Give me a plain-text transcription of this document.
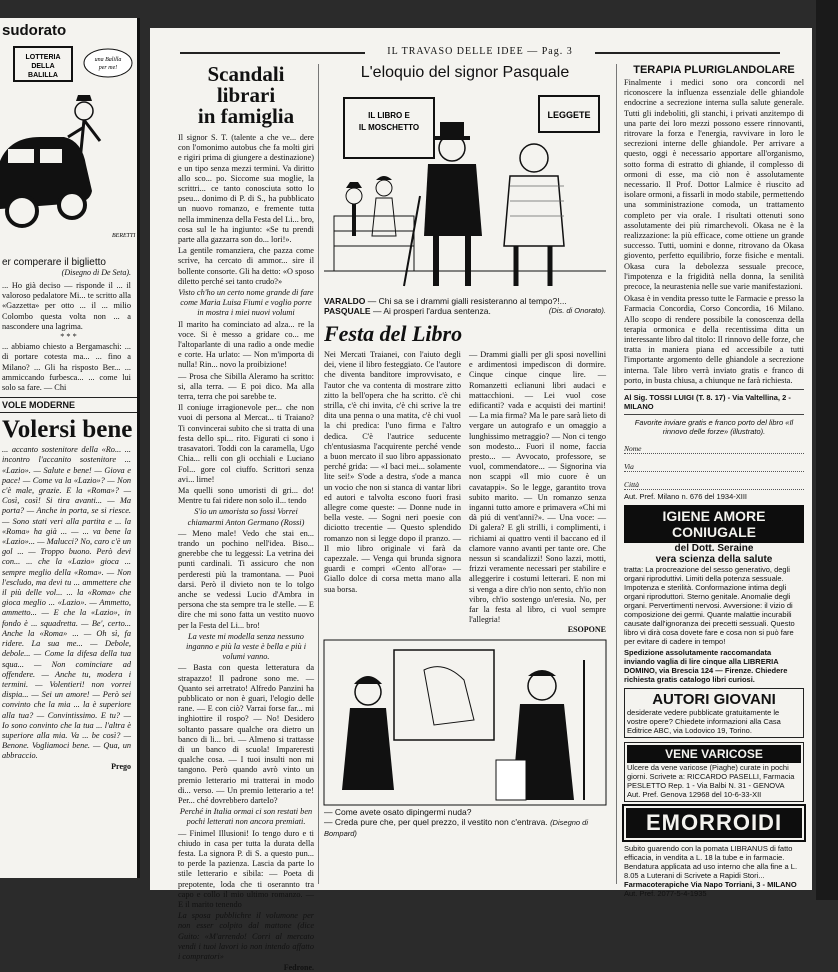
sudorato
LOTTERIA
DELLA
BALILLA
una Balilla
per me!
BERETTI
er comperare il biglietto
(Disegno di De Seta).
... Ho già deciso — risponde il ... il valoroso pedalatore Mi... te scritto alla «Gazzetta» per otto ... il ... milio Colombo questa volta non ... a nascondere una lagrima.
* * *
... abbiamo chiesto a Bergamaschi: ... di portare cotesta ma... ... fino a Milano? ... Gli ha risposto Ber... ... ammiccando furbesca... ... come lui solo sa fare. — Chi
VOLE MODERNE
Volersi bene
... accanto sostenitore della «Ro... ... incontro l'accanito sostenitore ... «Lazio». — Salute e bene! — Giova e pace! — Come va la «Lazio»? — Non c'è male, grazie. E la «Roma»? — Così, così! Si tira avanti... — Ma porta? — Anche in porta, se si riesce. — Sono stati veri alla partita e ... la «Roma» ha già ... — ... va bene la «Lazio»... — Malucci? No, caro c'è un gol ... — Troppo buono. Però devi con... ... che la «Lazio» gioca ... sempre meglio della «Roma». — Non l'escludo, ma devi tu ... ammettere che il più delle vol... ... la «Roma» che gioca meglio ... «Lazio». — Ammetto, ammetto... — E che la «Lazio», in fondo è ... squadretta. — Be', certo... Anche la «Roma» ... — Oh sì, fa ridere. La sua me... — Debole, debole... — Come la difesa della tua squa... — Non cominciare ad offendere. — Anche tu, modera i termini. — Volentieri! non vorrei dispia... — Sei un amore! — Però sei convinto che la mia ... la è superiore alla tua? — Convintissimo. E tu? — Io sono convinto che la tua ... l'altra è superiore alla mia. Va ... be così? — Benone. Vogliamoci bene. — Qua, un abbraccio.
Prego
IL TRAVASO DELLE IDEE — Pag. 3
Scandali librari
in famiglia

Il signor S. T. (talente a che ve... dere con l'omonimo autobus che fa molti giri e rigiri prima di giungere a destinazione) e un tipo senza mezzi termini. Va diritto allo sco... po. Siccome sua moglie, la scrittri... ce tanto conosciuta sotto lo pseu... donimo di P. di S., ha pubblicato un nuovo romanzo, e fremente tutta nella imminenza della Festa del Li... bro, cosa sul le ha ingiunto: «Se tu prendi parte alla gazzarra son do... lori!».

La gentile romanziera, che pazza come scrive, ha cercato di ammor... sire il bollente consorte. Gli ha detto: «O sposo diletto perché sei tanto crudo?»

Visto ch'ho un certo nome grande di fare come Maria Luisa Fiumi e voglio porre in mostra i miei nuovi volumi

Il marito ha cominciato ad alza... re la voce. Si è messo a gridare co... me l'altoparlante di una radio a onde medie e corte. Ha urlato: — Non m'importa di nulla! Rin... novo la proibizione!

— Prosa che Sibilla Aleramo ha scritto: si, alla terra. — E poi dico. Ma alla terra, terra che poi sarebbe te.

Il coniuge irragionevole per... che non vuoi di persona al Mercat... ti Traiano? Ti convincerai subito che si tratta di una festa dello spi... rito. Figurati ci sono i trasavatori. Toddi con la caramella, Ugo Chia... relli con gli occhiali e Luciano Fol... gore col ciuffo. Scrittori senza avi... lirne!

Ma quelli sono umoristi di gri... do! Mentre tu fai ridere non solo il... tendo

S'io un umorista so fossi Vorrei chiamarmi Anton Germano (Rossi)

— Meno male! Vedo che stai en... trando un pochino nell'idea. Biso... gnerebbe che tu leggessi: La vetrina dei punti cardinali. Ti assicuro che non perderesti più la tramontana. — Puoi darsi. Però il divieto non te lo tolgo anche se vedessi Lucio d'Ambra in persona che sta sempre tra le stelle. — E dire che mi sono fatta un vestito nuovo per la Festa del Li... bro!

La veste mi modella senza nessuno inganno e più la veste è bella e più i volumi vanno.

— Basta con questa letteratura da strapazzo! Il padrone sono me. — Quanto sei arretrato! Alfredo Panzini ha pubblicato or non è guari, l'elogio delle rane. — E con ciò? Varrai forse far... mi inghiottire il rospo? — No! Desidero soltanto passare qualche ora dietro un banco di li... bri. — Almeno si trattasse di un banco di scuola! Impareresti qualche cosa. — I tuoi insulti non mi tangono. Però quando avrò vinto un premio letterario mi tratterai in modo di... verso. — Un premio letterario a te! Per... ché dovrebbero darteIo?

Perché in Italia ormai ci son restati ben pochi letterati non ancora premiati.

— Finimel Illusioni! Io tengo duro e ti chiudo in casa per tutta la durata della festa. La signora P. di S. a questo pun... to perde la pazienza. Lascia da parte lo stile letterario e sibila: — Poeta di prepotente, loda che ti oserannto tra capo e collo il mio ultimo romanzo. — E il marito tenendo

La sposa pubblichre il volumone per non esser colpito dal mattone (dice Guito: «M'arrendo! Corri al mercato vendi i tuoi lavori io non intendo affatto i compratori»

Fedrone.
L'eloquio del signor Pasquale
IL LIBRO E
IL MOSCHETTO
LEGGETE
VARALDO — Chi sa se i drammi gialli resisteranno al tempo?!...
PASQUALE — Ai prosperi l'ardua sentenza.	(Dis. di Onorato).
Festa del Libro
Nei Mercati Traianei, con l'aiuto degli dei, viene il libro festeggiato. Ce l'autore che diventa banditore improvvisato, e l'autor che va contenta di mostrare zitto zitto la bell'opera che ha scritto. c'è chi strilla, c'è chi invita, c'è chi scrive la tre dita una penna o una matita, c'è chi vuol la chi predica: l'uno firma e l'altro dedica. C'è l'autrice seducente ch'entusiasma l'acquirente perché vende a buon mercato il suo libro appassionato perché grida: — «I baci mei... solamente lite sei!» S'ode a destra, s'ode a manca un vocio che non si stanca di vantar libri ed autori e talvolta escono fuori frasi allegre come queste: — Donne nude in bella veste. — Sogni neri poesie con diciotto trecentie — Questo splendido romanzo non si legge dopo il pranzo. — Il mio libro originale vi farà da capezzale. — Venga qui brunda signora guardi e compri «Cento all'ora» — Giallo dolce di corsa metta mano alla sua borsa.
— Drammi gialli per gli sposi novellini e ardimentosi impediscon di dormire. Cinque cinque cinque lire. — Romanzetti eclianuni libri audaci e mattacchioni. — Lei vuol cose edificanti? vada e acquisti dei martini! — La mia firma? Ma le pare sarà lieto di vergare un autografo e un omaggio a lunghissimo metraggio? — Non ci tengo son modesto... Fuori il nome, faccia presto... — Avvocato, professore, se vuol, commendatore... — Signorina via non scappi «Il mio cuore è un cavatappi». So le legge, garantito trova subito marito. — Un romanzo senza inganni tutto amore e primavera «Chi mi dà piú di vent'anni?». — Una voce: — Di galera? E gli strilli, i complimenti, i richiami ai quattro venti il baccano ed il clamore vanno avanti per tante ore. Che nessun si scandalizzi! Sono lazzi, motti, frizzi veramente necessari per stabilire e alleggerire i costumi letterari. E non mi si venga a dire ch'io non sento, ch'io non vibro, ch'io sostengo un'eresia. No, per far la festa al libro, ci vuol sempre l'allegria!
ESOPONE
— Come avete osato dipingermi nuda?
— Creda pure che, per quel prezzo, il vestito non c'entrava. (Disegno di Bompard)
TERAPIA PLURIGLANDOLARE
Finalmente i medici sono ora concordi nel riconoscere la influenza essenziale delle ghiandole endocrine a secrezione interna sulla salute generale. Tutti gli indeboliti, gli stanchi, i privati anzitempo di una parte dei loro mezzi possono essere rinnovanti, ritrovare la forza e l'energia, ravvivare in loro le secrezioni interne delle ghiandole. Per arrivare a questo, oggi è necessario apportare all'organismo, sotto forma di estratto di ghiande, il complesso di ormoni di esse, ma ciò non è assolutamente necessario. Il Prof. Dottor Lalmice è riuscito ad isolare ormoni, a fissarli in modo stabile, permettendo una somministrazione comoda, un trattamento completo per via orale. I risultati ottenuti sono assolutamente dei più rimarchevoli. Okasa ne è la realizzazione: la più efficace, come ottiene un grande successo. Tutti, uomini e donne, ritrovano da Okasa giovento, perfetto equilibrio, forze fisiche e mentali. Okasa cura la debolezza sessuale precoce, l'impotenza e la frigidità nella donna, la senilità precoce, la neurastenia nelle sue varie manifestazioni.
Okasa è in vendita presso tutte le Farmacie e presso la Farmacia Concordia, Corso Concordia, 16 Milano. Allo scopo di rendere possibile la conoscenza della terapia ormonica e della recentissima ditta un interessante libro dal titolo: Il rinnovo delle forze, che tratta in maniera piana ed accessibile a tutti l'importante argomento delle ghiandole a secrezione interna. Tale libro verrà inviato gratis e franco di porto, in busta chiusa, a chiunque ne farà richiesta.
Al Sig. TOSSI LUIGI (T. 8. 17) - Via Valtellina, 2 - MILANO
Favorite inviare gratis e franco porto del libro «Il rinnovo delle forze» (illustrato).
Nome
Via
Città
Aut. Pref. Milano n. 676 del 1934-XIII
IGIENE AMORE CONIUGALE
del Dott. Seraine
vera scienza della salute
tratta: La procreazione del sesso generativo, degli organi riproduttivi. Limiti della potenza sessuale. Impotenza e sterilità. Conformazione intima degli organi riproduttori. Sterno genitale. Anomalie degli organi. Pervertimenti nervosi. Avversione: il vizio di composizione dei germi. Quante malattie incurabili causate dall'ignoranza dei precetti sessuali. Questo libro vi dirà cosa dovete fare e cosa non si può fare per evitare di cadere in tempo!
Spedizione assolutamente raccomandata inviando vaglia di lire cinque alla LIBRERIA DOMINO, via Brescia 124 — Firenze. Chiedere richiesta gratis catalogo libri curiosi.
AUTORI GIOVANI
desiderate vedere pubblicate gratuitamente le vostre opere? Chiedete informazioni alla Casa Editrice ABC, via Lodovico 19, Torino.
VENE VARICOSE
Ulcere da vene varicose (Piaghe) curate in pochi giorni. Scrivete a: RICCARDO PASELLI, Farmacia PESLETTO Rep. 1 - Via Balbi N. 31 - GENOVA
Aut. Pref. Genova 12968 del 10-6-33-XII
EMORROIDI
Subito guarendo con la pomata LIBRANUS di fatto efficacia, in vendita a L. 18 la tube e in farmacie. Bendatura applicata ad uso interno che alla fine a L. 8.05 a Luterani di Scrivete a Rapidi Stori...
Farmacoterapiche Via Napo Torriani, 3 - MILANO
Aut. Pref. 2077-5-4-1935
